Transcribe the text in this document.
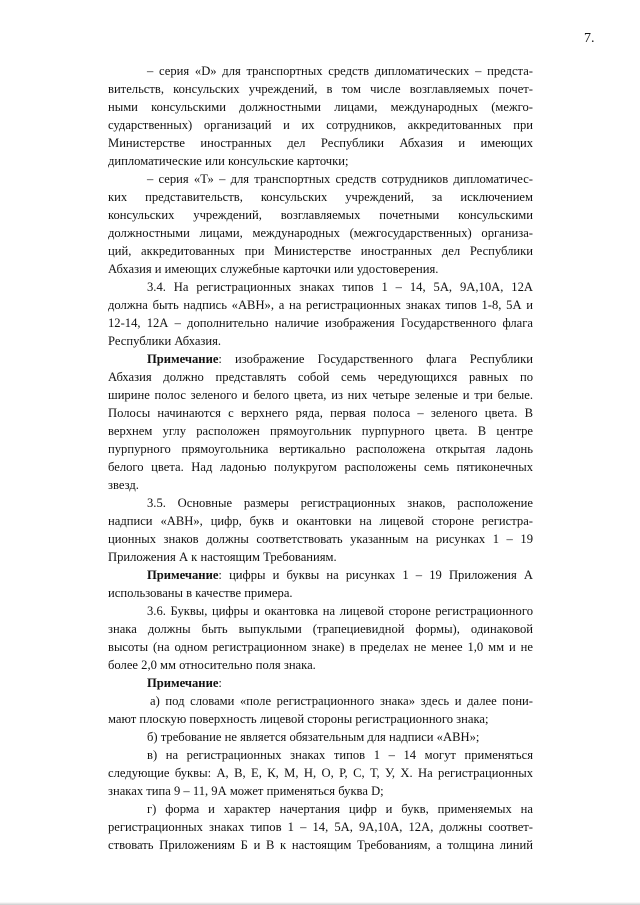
7.
– серия «D» для транспортных средств дипломатических – предста-
вительств, консульских учреждений, в том числе возглавляемых почет-
ными консульскими должностными лицами, международных (межго-
сударственных) организаций и их сотрудников, аккредитованных при
Министерстве иностранных дел Республики Абхазия и имеющих
дипломатические или консульские карточки;
– серия «Т» – для транспортных средств сотрудников дипломатичес-
ких представительств, консульских учреждений, за исключением
консульских учреждений, возглавляемых почетными консульскими
должностными лицами, международных (межгосударственных) организа-
ций, аккредитованных при Министерстве иностранных дел Республики
Абхазия и имеющих служебные карточки или удостоверения.
3.4. На регистрационных знаках типов 1 – 14, 5А, 9А,10А, 12А
должна быть надпись «АВН», а на регистрационных знаках типов 1-8, 5А и
12-14, 12А – дополнительно наличие изображения Государственного флага
Республики Абхазия.
Примечание: изображение Государственного флага Республики
Абхазия должно представлять собой семь чередующихся равных по
ширине полос зеленого и белого цвета, из них четыре зеленые и три белые.
Полосы начинаются с верхнего ряда, первая полоса – зеленого цвета. В
верхнем углу расположен прямоугольник пурпурного цвета. В центре
пурпурного прямоугольника вертикально расположена открытая ладонь
белого цвета. Над ладонью полукругом расположены семь пятиконечных
звезд.
3.5. Основные размеры регистрационных знаков, расположение
надписи «АВН», цифр, букв и окантовки на лицевой стороне регистра-
ционных знаков должны соответствовать указанным на рисунках 1 – 19
Приложения А к настоящим Требованиям.
Примечание: цифры и буквы на рисунках 1 – 19 Приложения А
использованы в качестве примера.
3.6. Буквы, цифры и окантовка на лицевой стороне регистрационного
знака должны быть выпуклыми (трапециевидной формы), одинаковой
высоты (на одном регистрационном знаке) в пределах не менее 1,0 мм и не
более 2,0 мм относительно поля знака.
Примечание:
а) под словами «поле регистрационного знака» здесь и далее пони-
мают плоскую поверхность лицевой стороны регистрационного знака;
б) требование не является обязательным для надписи «АВН»;
в) на регистрационных знаках типов 1 – 14 могут применяться
следующие буквы: А, В, Е, К, М, Н, О, Р, С, Т, У, Х. На регистрационных
знаках типа 9 – 11, 9А может применяться буква D;
г) форма и характер начертания цифр и букв, применяемых на
регистрационных знаках типов 1 – 14, 5А, 9А,10А, 12А, должны соответ-
ствовать Приложениям Б и В к настоящим Требованиям, а толщина линий
